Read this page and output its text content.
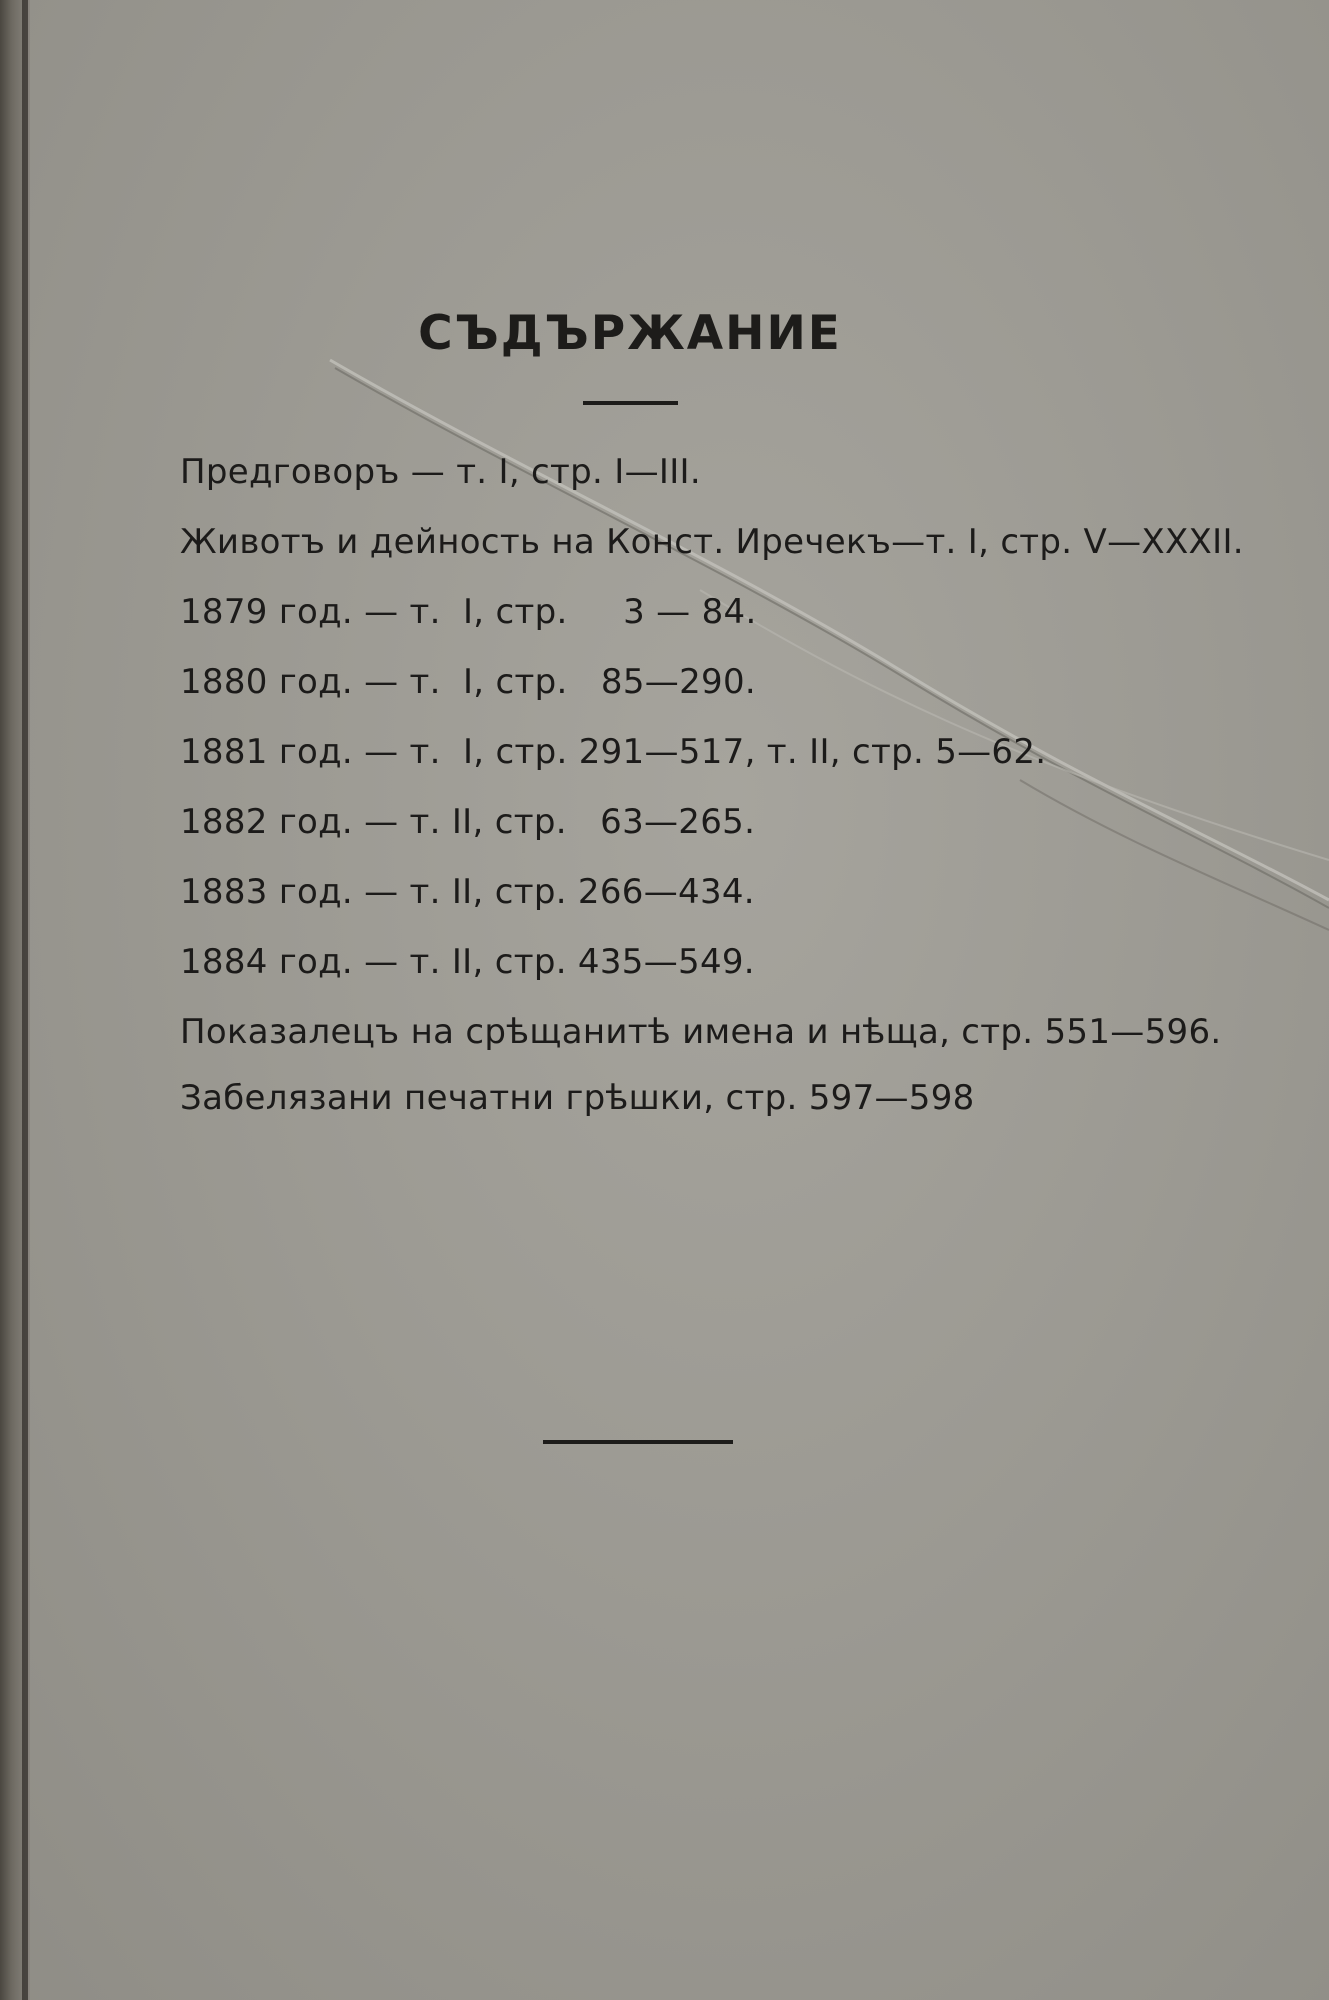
СЪДЪРЖАНИЕ
Предговоръ — т. I, стр. I—III.
Животъ и дейность на Конст. Иречекъ—т. I, стр. V—XXXII.
1879 год. — т.  I, стр.     3 — 84.
1880 год. — т.  I, стр.   85—290.
1881 год. — т.  I, стр. 291—517, т. II, стр. 5—62.
1882 год. — т. II, стр.   63—265.
1883 год. — т. II, стр. 266—434.
1884 год. — т. II, стр. 435—549.
Показалецъ на срѣщанитѣ имена и нѣща, стр. 551—596.
Забелязани печатни грѣшки, стр. 597—598
